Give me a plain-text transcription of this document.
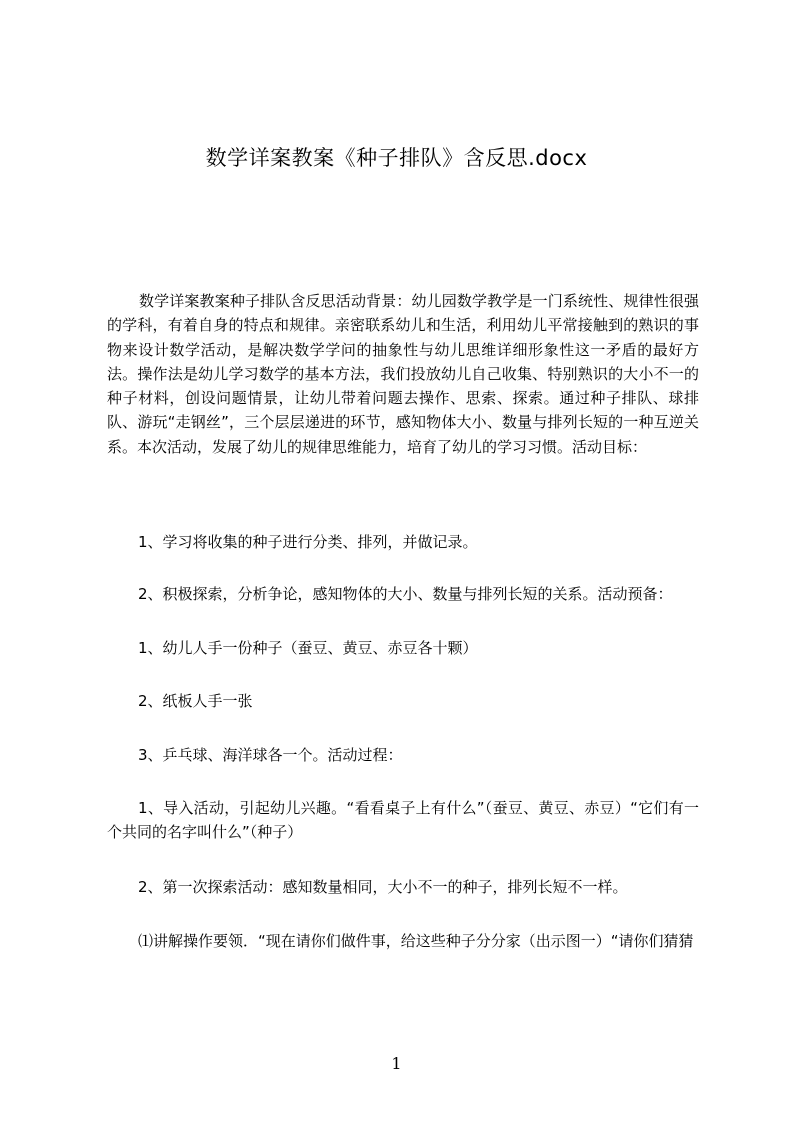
数学详案教案《种子排队》含反思.docx
数学详案教案种子排队含反思活动背景：幼儿园数学教学是一门系统性、规律性很强的学科，有着自身的特点和规律。亲密联系幼儿和生活，利用幼儿平常接触到的熟识的事物来设计数学活动，是解决数学学问的抽象性与幼儿思维详细形象性这一矛盾的最好方法。操作法是幼儿学习数学的基本方法，我们投放幼儿自己收集、特别熟识的大小不一的种子材料，创设问题情景，让幼儿带着问题去操作、思索、探索。通过种子排队、球排队、游玩“走钢丝”，三个层层递进的环节，感知物体大小、数量与排列长短的一种互逆关系。本次活动，发展了幼儿的规律思维能力，培育了幼儿的学习习惯。活动目标：
1、学习将收集的种子进行分类、排列，并做记录。
2、积极探索，分析争论，感知物体的大小、数量与排列长短的关系。活动预备：
1、幼儿人手一份种子（蚕豆、黄豆、赤豆各十颗）
2、纸板人手一张
3、乒乓球、海洋球各一个。活动过程：
1、导入活动，引起幼儿兴趣。“看看桌子上有什么”（蚕豆、黄豆、赤豆）“它们有一个共同的名字叫什么”（种子）
2、第一次探索活动：感知数量相同，大小不一的种子，排列长短不一样。
⑴讲解操作要领．“现在请你们做件事，给这些种子分分家（出示图一）“请你们猜猜
1
